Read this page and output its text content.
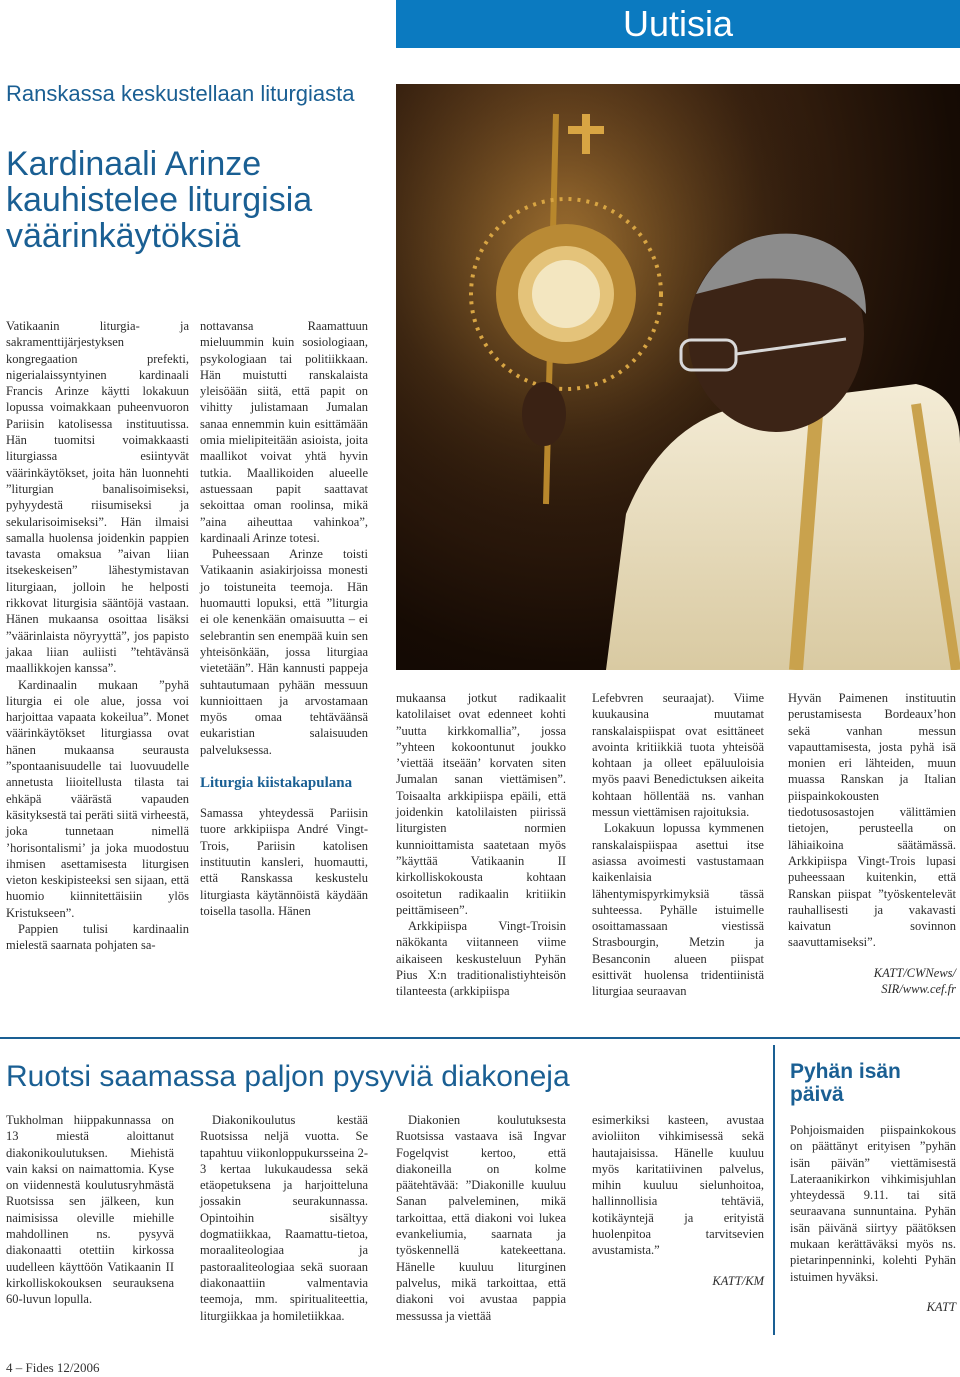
Uutisia
Ranskassa keskustellaan liturgiasta
Kardinaali Arinze kauhistelee liturgisia väärinkäytöksiä

Vatikaanin liturgia- ja sakramenttijärjestyksen kongregaation prefekti, nigerialaissyntyinen kardinaali Francis Arinze käytti lokakuun lopussa voimakkaan puheenvuoron Pariisin katolisessa instituutissa. Hän tuomitsi voimakkaasti liturgiassa esiintyvät väärinkäytökset, joita hän luonnehti ”liturgian banalisoimiseksi, pyhyydestä riisumiseksi ja sekularisoimiseksi”. Hän ilmaisi samalla huolensa joidenkin pappien tavasta omaksua ”aivan liian itsekeskeisen” lähestymistavan liturgiaan, jolloin he helposti rikkovat liturgisia sääntöjä vastaan. Hänen mukaansa osoittaa lisäksi ”väärinlaista nöyryyttä”, jos papisto jakaa liian auliisti ”tehtävänsä maallikkojen kanssa”.

Kardinaalin mukaan ”pyhä liturgia ei ole alue, jossa voi harjoittaa vapaata kokeilua”. Monet väärinkäytökset liturgiassa ovat hänen mukaansa seurausta ”spontaanisuudelle tai luovuudelle annetusta liioitellusta tilasta tai ehkäpä väärästä vapauden käsityksestä tai peräti siitä virheestä, joka tunnetaan nimellä ’horisontalismi’ ja joka muodostuu ihmisen asettamisesta liturgisen vieton keskipisteeksi sen sijaan, että huomio kiinnitettäisiin ylös Kristukseen”.

Pappien tulisi kardinaalin mielestä saarnata pohjaten sa-

nottavansa Raamattuun mieluummin kuin sosiologiaan, psykologiaan tai politiikkaan. Hän muistutti ranskalaista yleisöään siitä, että papit on vihitty julistamaan Jumalan sanaa ennemmin kuin esittämään omia mielipiteitään asioista, joita maallikot voivat yhtä hyvin tutkia. Maallikoiden alueelle astuessaan papit saattavat sekoittaa oman roolinsa, mikä ”aina aiheuttaa vahinkoa”, kardinaali Arinze totesi.

Puheessaan Arinze toisti Vatikaanin asiakirjoissa monesti jo toistuneita teemoja. Hän huomautti lopuksi, että ”liturgia ei ole kenenkään omaisuutta – ei selebrantin sen enempää kuin sen yhteisönkään, jossa liturgiaa vietetään”. Hän kannusti pappeja suhtautumaan pyhään messuun kunnioittaen ja arvostamaan myös omaa tehtäväänsä eukaristian salaisuuden palveluksessa.

Liturgia kiistakapulana

Samassa yhteydessä Pariisin tuore arkkipiispa André Vingt-Trois, Pariisin katolisen instituutin kansleri, huomautti, että Ranskassa keskustelu liturgiasta käytännöistä käydään toisella tasolla. Hänen

mukaansa jotkut radikaalit katolilaiset ovat edenneet kohti ”uutta kirkkomallia”, jossa ”yhteen kokoontunut joukko ’viettää itseään’ korvaten siten Jumalan sanan viettämisen”. Toisaalta arkkipiispa epäili, että joidenkin katolilaisten piirissä liturgisten normien kunnioittamista saatetaan myös ”käyttää Vatikaanin II kirkolliskokousta kohtaan osoitetun radikaalin kritiikin peittämiseen”.

Arkkipiispa Vingt-Troisin näkökanta viitanneen viime aikaiseen keskusteluun Pyhän Pius X:n traditionalistiyhteisön tilanteesta (arkkipiispa

Lefebvren seuraajat). Viime kuukausina muutamat ranskalaispiispat ovat esittäneet avointa kritiikkiä tuota yhteisöä kohtaan ja olleet epäluuloisia myös paavi Benedictuksen aikeita kohtaan höllentää ns. vanhan messun viettämisen rajoituksia.

Lokakuun lopussa kymmenen ranskalaispiispaa asettui itse asiassa avoimesti vastustamaan kaikenlaisia lähentymispyrkimyksiä tässä suhteessa. Pyhälle istuimelle osoittamassaan viestissä Strasbourgin, Metzin ja Besanconin alueen piispat esittivät huolensa tridentiinistä liturgiaa seuraavan

Hyvän Paimenen instituutin perustamisesta Bordeaux’hon sekä vanhan messun vapauttamisesta, josta pyhä isä monien eri lähteiden, muun muassa Ranskan ja Italian piispainkokousten tiedotusosastojen välittämien tietojen, perusteella on lähiaikoina säätämässä. Arkkipiispa Vingt-Trois lupasi puheessaan kuitenkin, että Ranskan piispat ”työskentelevät rauhallisesti ja vakavasti kaivatun sovinnon saavuttamiseksi”.

KATT/CWNews/
SIR/www.cef.fr
Ruotsi saamassa paljon pysyviä diakoneja

Tukholman hiippakunnassa on 13 miestä aloittanut diakonikoulutuksen. Miehistä vain kaksi on naimattomia. Kyse on viidennestä koulutusryhmästä Ruotsissa sen jälkeen, kun naimisissa oleville miehille mahdollinen ns. pysyvä diakonaatti otettiin kirkossa uudelleen käyttöön Vatikaanin II kirkolliskokouksen seurauksena 60-luvun lopulla.

Diakonikoulutus kestää Ruotsissa neljä vuotta. Se tapahtuu viikonloppukursseina 2-3 kertaa lukukaudessa sekä etäopetuksena ja harjoitteluna jossakin seurakunnassa. Opintoihin sisältyy dogmatiikkaa, Raamattu-tietoa, moraaliteologiaa ja pastoraaliteologiaa sekä suoraan diakonaattiin valmentavia teemoja, mm. spiritualiteettia, liturgiikkaa ja homiletiikkaa.

Diakonien koulutuksesta Ruotsissa vastaava isä Ingvar Fogelqvist kertoo, että diakoneilla on kolme päätehtävää: ”Diakonille kuuluu Sanan palveleminen, mikä tarkoittaa, että diakoni voi lukea evankeliumia, saarnata ja työskennellä katekeettana. Hänelle kuuluu liturginen palvelus, mikä tarkoittaa, että diakoni voi avustaa pappia messussa ja viettää

esimerkiksi kasteen, avustaa avioliiton vihkimisessä sekä hautajaisissa. Hänelle kuuluu myös karitatiivinen palvelus, mihin kuuluu sielunhoitoa, hallinnollisia tehtäviä, kotikäyntejä ja erityistä huolenpitoa tarvitsevien avustamista.”

KATT/KM
Pyhän isän päivä

Pohjoismaiden piispainkokous on päättänyt erityisen ”pyhän isän päivän” viettämisestä Lateraanikirkon vihkimisjuhlan yhteydessä 9.11. tai sitä seuraavana sunnuntaina. Pyhän isän päivänä siirtyy päätöksen mukaan kerättäväksi myös ns. pietarinpenninki, kolehti Pyhän istuimen hyväksi.

KATT
4 – Fides 12/2006
